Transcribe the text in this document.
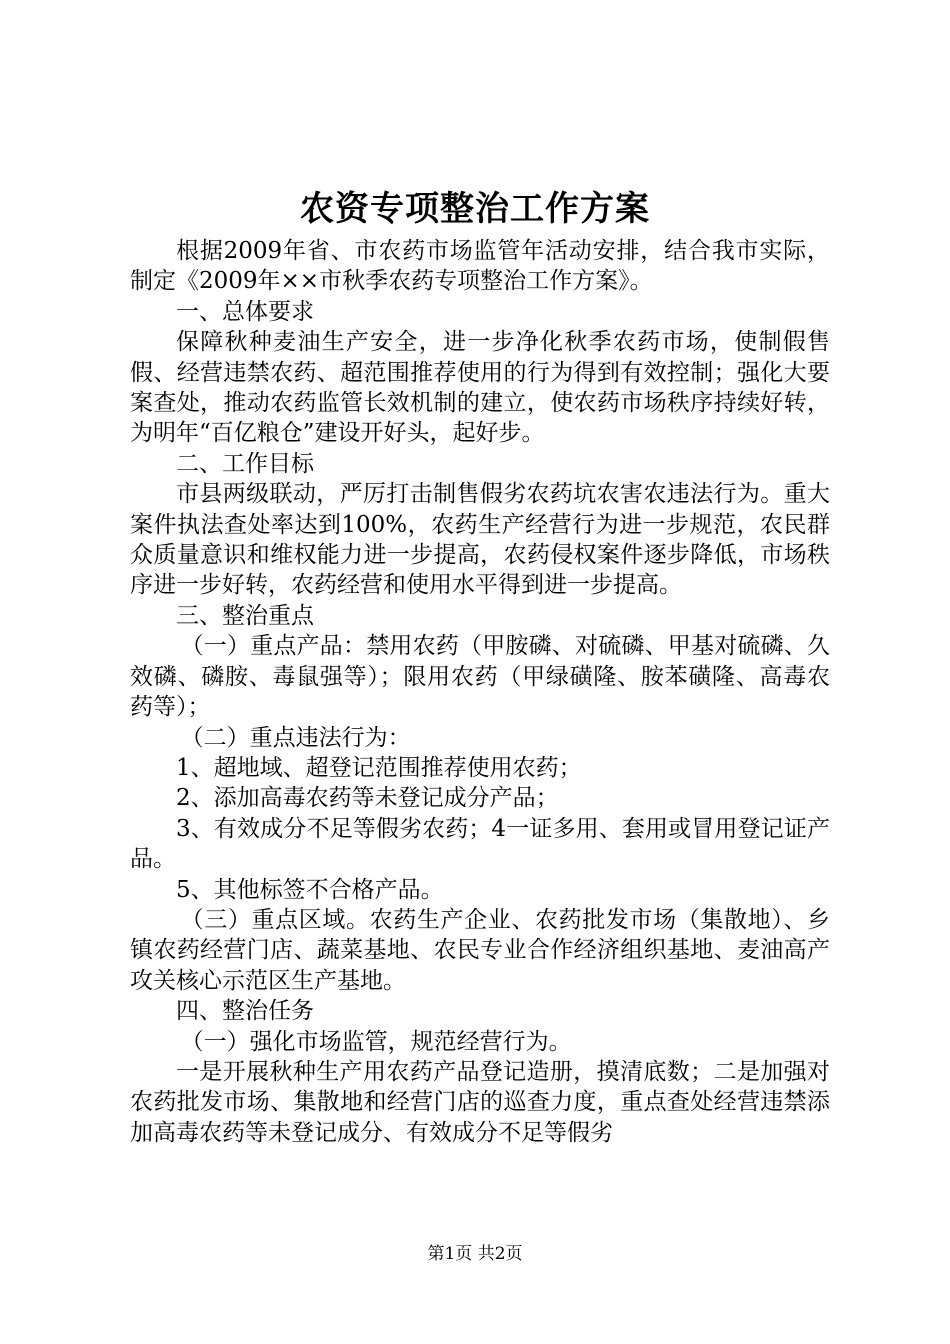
农资专项整治工作方案

根据2009年省、市农药市场监管年活动安排，结合我市实际，制定《2009年××市秋季农药专项整治工作方案》。

一、总体要求

保障秋种麦油生产安全，进一步净化秋季农药市场，使制假售假、经营违禁农药、超范围推荐使用的行为得到有效控制；强化大要案查处，推动农药监管长效机制的建立，使农药市场秩序持续好转，为明年“百亿粮仓”建设开好头，起好步。

二、工作目标

市县两级联动，严厉打击制售假劣农药坑农害农违法行为。重大案件执法查处率达到100%，农药生产经营行为进一步规范，农民群众质量意识和维权能力进一步提高，农药侵权案件逐步降低，市场秩序进一步好转，农药经营和使用水平得到进一步提高。

三、整治重点

（一）重点产品：禁用农药（甲胺磷、对硫磷、甲基对硫磷、久效磷、磷胺、毒鼠强等）；限用农药（甲绿磺隆、胺苯磺隆、高毒农药等）；

（二）重点违法行为：

1、超地域、超登记范围推荐使用农药；

2、添加高毒农药等未登记成分产品；

3、有效成分不足等假劣农药；4一证多用、套用或冒用登记证产品。

5、其他标签不合格产品。

（三）重点区域。农药生产企业、农药批发市场（集散地）、乡镇农药经营门店、蔬菜基地、农民专业合作经济组织基地、麦油高产攻关核心示范区生产基地。

四、整治任务

（一）强化市场监管，规范经营行为。

一是开展秋种生产用农药产品登记造册，摸清底数；二是加强对农药批发市场、集散地和经营门店的巡查力度，重点查处经营违禁添加高毒农药等未登记成分、有效成分不足等假劣

第1页 共2页
